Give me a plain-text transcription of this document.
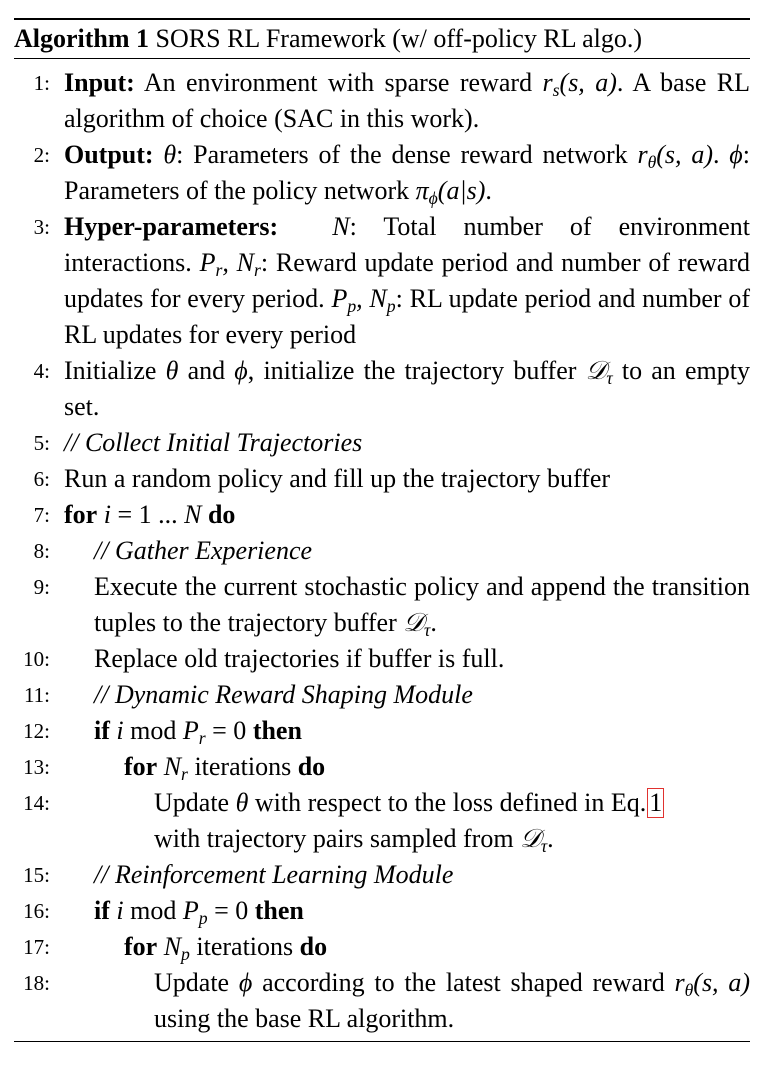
Algorithm 1 SORS RL Framework (w/ off-policy RL algo.)
1: Input: An environment with sparse reward $r_s(s$, a). A base RL algorithm of choice (SAC in this work).
2: Output: θ: Parameters of the dense reward network $r_\theta(s$, a). ϕ: Parameters of the policy network $\pi_\phi(a|s)$.
3: Hyper-parameters: N: Total number of environment interactions. $P_r$, $N_r$: Reward update period and number of reward updates for every period. $P_p$, $N_p$: RL update period and number of RL updates for every period
4: Initialize θ and ϕ, initialize the trajectory buffer 𝒟$_\tau$ to an empty set.
5: // Collect Initial Trajectories
6: Run a random policy and fill up the trajectory buffer
7: for i = 1 ... N do
8: // Gather Experience
9: Execute the current stochastic policy and append the transition tuples to the trajectory buffer 𝒟$_\tau$.
10: Replace old trajectories if buffer is full.
11: // Dynamic Reward Shaping Module
12: if i mod $P_r = 0$ then
13:	for $N_r$ iterations do
14:	Update θ with respect to the loss defined in Eq. 1
with trajectory pairs sampled from 𝒟$_\tau$.
15: // Reinforcement Learning Module
16: if i mod $P_p = 0$ then
17:	for $N_p$ iterations do
18:	Update ϕ according to the latest shaped reward $r_\theta(s$, a) using the base RL algorithm.
